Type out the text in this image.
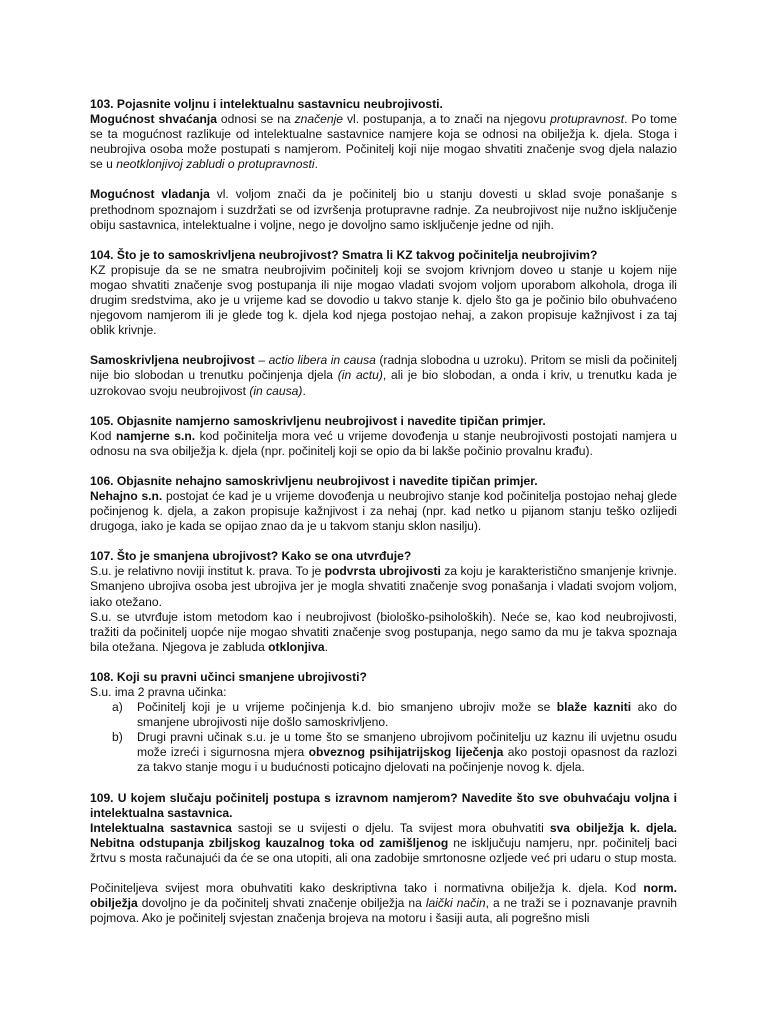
103. Pojasnite voljnu i intelektualnu sastavnicu neubrojivosti.

Mogućnost shvaćanja odnosi se na značenje vl. postupanja, a to znači na njegovu protupravnost. Po tome se ta mogućnost razlikuje od intelektualne sastavnice namjere koja se odnosi na obilježja k. djela. Stoga i neubrojiva osoba može postupati s namjerom. Počinitelj koji nije mogao shvatiti značenje svog djela nalazio se u neotklonjivoj zabludi o protupravnosti.

Mogućnost vladanja vl. voljom znači da je počinitelj bio u stanju dovesti u sklad svoje ponašanje s prethodnom spoznajom i suzdržati se od izvršenja protupravne radnje. Za neubrojivost nije nužno isključenje obiju sastavnica, intelektualne i voljne, nego je dovoljno samo isključenje jedne od njih.

104. Što je to samoskrivljena neubrojivost? Smatra li KZ takvog počinitelja neubrojivim?

KZ propisuje da se ne smatra neubrojivim počinitelj koji se svojom krivnjom doveo u stanje u kojem nije mogao shvatiti značenje svog postupanja ili nije mogao vladati svojom voljom uporabom alkohola, droga ili drugim sredstvima, ako je u vrijeme kad se dovodio u takvo stanje k. djelo što ga je počinio bilo obuhvaćeno njegovom namjerom ili je glede tog k. djela kod njega postojao nehaj, a zakon propisuje kažnjivost i za taj oblik krivnje.

Samoskrivljena neubrojivost – actio libera in causa (radnja slobodna u uzroku). Pritom se misli da počinitelj nije bio slobodan u trenutku počinjenja djela (in actu), ali je bio slobodan, a onda i kriv, u trenutku kada je uzrokovao svoju neubrojivost (in causa).

105. Objasnite namjerno samoskrivljenu neubrojivost i navedite tipičan primjer.

Kod namjerne s.n. kod počinitelja mora već u vrijeme dovođenja u stanje neubrojivosti postojati namjera u odnosu na sva obilježja k. djela (npr. počinitelj koji se opio da bi lakše počinio provalnu krađu).

106. Objasnite nehajno samoskrivljenu neubrojivost i navedite tipičan primjer.

Nehajno s.n. postojat će kad je u vrijeme dovođenja u neubrojivo stanje kod počinitelja postojao nehaj glede počinjenog k. djela, a zakon propisuje kažnjivost i za nehaj (npr. kad netko u pijanom stanju teško ozlijedi drugoga, iako je kada se opijao znao da je u takvom stanju sklon nasilju).

107. Što je smanjena ubrojivost? Kako se ona utvrđuje?

S.u. je relativno noviji institut k. prava. To je podvrsta ubrojivosti za koju je karakteristično smanjenje krivnje. Smanjeno ubrojiva osoba jest ubrojiva jer je mogla shvatiti značenje svog ponašanja i vladati svojom voljom, iako otežano.

S.u. se utvrđuje istom metodom kao i neubrojivost (biološko-psiholoških). Neće se, kao kod neubrojivosti, tražiti da počinitelj uopće nije mogao shvatiti značenje svog postupanja, nego samo da mu je takva spoznaja bila otežana. Njegova je zabluda otklonjiva.

108. Koji su pravni učinci smanjene ubrojivosti?

S.u. ima 2 pravna učinka:

a) Počinitelj koji je u vrijeme počinjenja k.d. bio smanjeno ubrojiv može se blaže kazniti ako do smanjene ubrojivosti nije došlo samoskrivljeno.
b) Drugi pravni učinak s.u. je u tome što se smanjeno ubrojivom počinitelju uz kaznu ili uvjetnu osudu može izreći i sigurnosna mjera obveznog psihijatrijskog liječenja ako postoji opasnost da razlozi za takvo stanje mogu i u budućnosti poticajno djelovati na počinjenje novog k. djela.

109. U kojem slučaju počinitelj postupa s izravnom namjerom? Navedite što sve obuhvaćaju voljna i intelektualna sastavnica.

Intelektualna sastavnica sastoji se u svijesti o djelu. Ta svijest mora obuhvatiti sva obilježja k. djela. Nebitna odstupanja zbiljskog kauzalnog toka od zamišljenog ne isključuju namjeru, npr. počinitelj baci žrtvu s mosta računajući da će se ona utopiti, ali ona zadobije smrtonosne ozljede već pri udaru o stup mosta.

Počiniteljeva svijest mora obuhvatiti kako deskriptivna tako i normativna obilježja k. djela. Kod norm. obilježja dovoljno je da počinitelj shvati značenje obilježja na laički način, a ne traži se i poznavanje pravnih pojmova. Ako je počinitelj svjestan značenja brojeva na motoru i šasiji auta, ali pogrešno misli
